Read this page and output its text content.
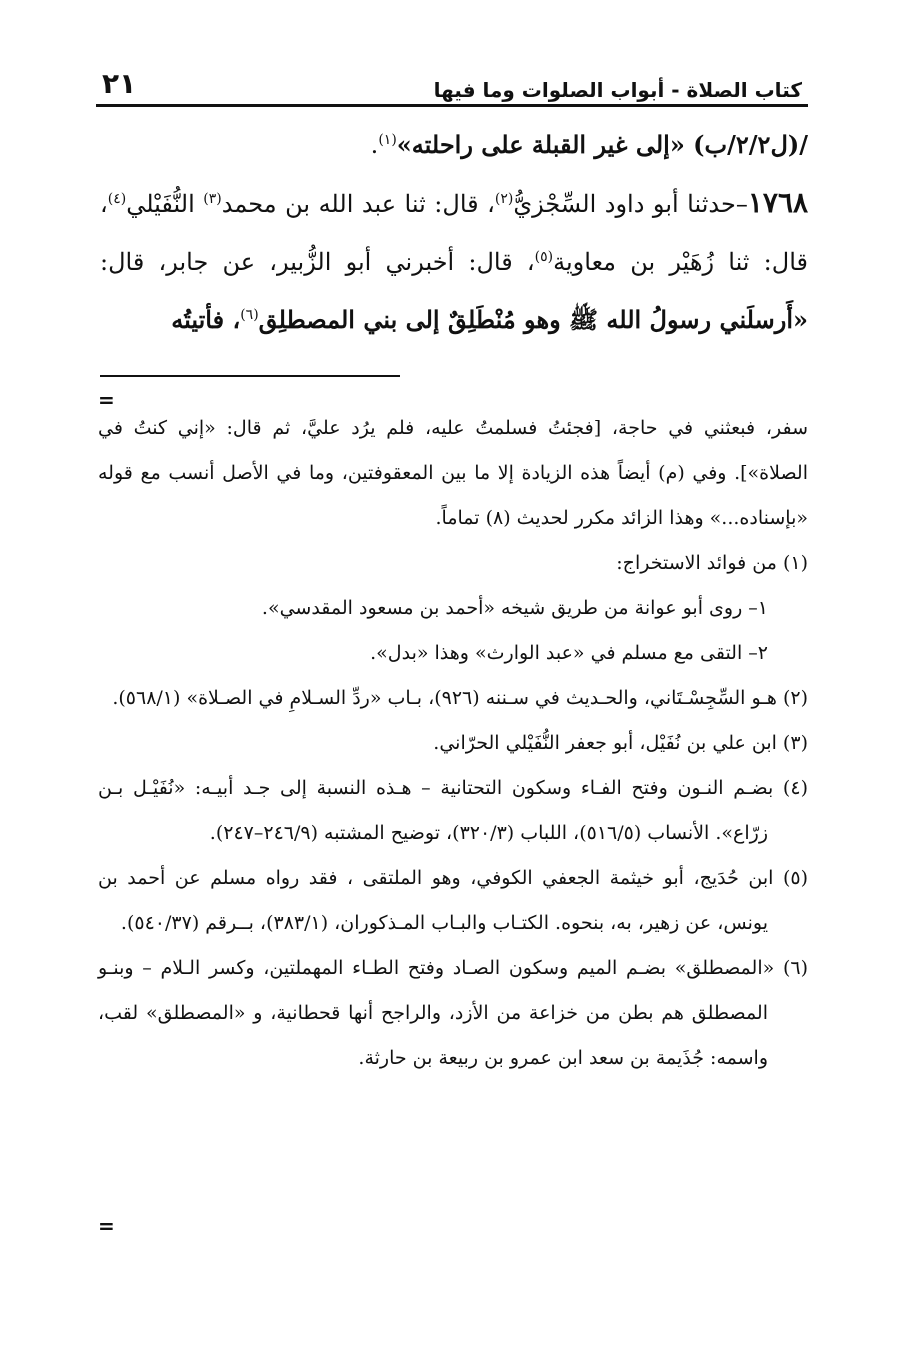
كتاب الصلاة - أبواب الصلوات وما فيها
٢١

/(ل٢/٢/ب) «إلى غير القبلة على راحلته»$^{(١)}$.

١٧٦٨–حدثنا أبو داود السِّجْزيُّ$^{(٢)}$، قال: ثنا عبد الله بن محمد$^{(٣)}$ النُّفَيْلي$^{(٤)}$، قال: ثنا زُهَيْر بن معاوية$^{(٥)}$، قال: أخبرني أبو الزُّبير، عن جابر، قال: «أَرسلَني رسولُ الله ﷺ وهو مُنْطَلِقٌ إلى بني المصطلِق$^{(٦)}$، فأتيتُه

=

سفر، فبعثني في حاجة، [فجئتُ فسلمتُ عليه، فلم يرُد عليَّ، ثم قال: «إني كنتُ في الصلاة»]. وفي (م) أيضاً هذه الزيادة إلا ما بين المعقوفتين، وما في الأصل أنسب مع قوله «بإسناده...» وهذا الزائد مكرر لحديث (٨) تماماً.

(١) من فوائد الاستخراج:

١– روى أبو عوانة من طريق شيخه «أحمد بن مسعود المقدسي».

٢– التقى مع مسلم في «عبد الوارث» وهذا «بدل».

(٢) هـو السِّجِسْـتَاني، والحـديث في سـننه (٩٢٦)، بـاب «ردِّ السـلامِ في الصـلاة» (٥٦٨/١).

(٣) ابن علي بن نُفَيْل، أبو جعفر النُّفَيْلي الحرّاني.

(٤) بضـم النـون وفتح الفـاء وسكون التحتانية – هـذه النسبة إلى جـد أبيـه: «نُفَيْـل بـن زرّاع». الأنساب (٥١٦/٥)، اللباب (٣٢٠/٣)، توضيح المشتبه (٢٤٦/٩–٢٤٧).

(٥) ابن حُدَيج، أبو خيثمة الجعفي الكوفي، وهو الملتقى ، فقد رواه مسلم عن أحمد بن يونس، عن زهير، به، بنحوه. الكتـاب والبـاب المـذكوران، (٣٨٣/١)، بــرقم (٥٤٠/٣٧).

(٦) «المصطلق» بضـم الميم وسكون الصـاد وفتح الطـاء المهملتين، وكسر الـلام – وبنـو المصطلق هم بطن من خزاعة من الأزد، والراجح أنها قحطانية، و «المصطلق» لقب، واسمه: جُذَيمة بن سعد ابن عمرو بن ربيعة بن حارثة.

=
